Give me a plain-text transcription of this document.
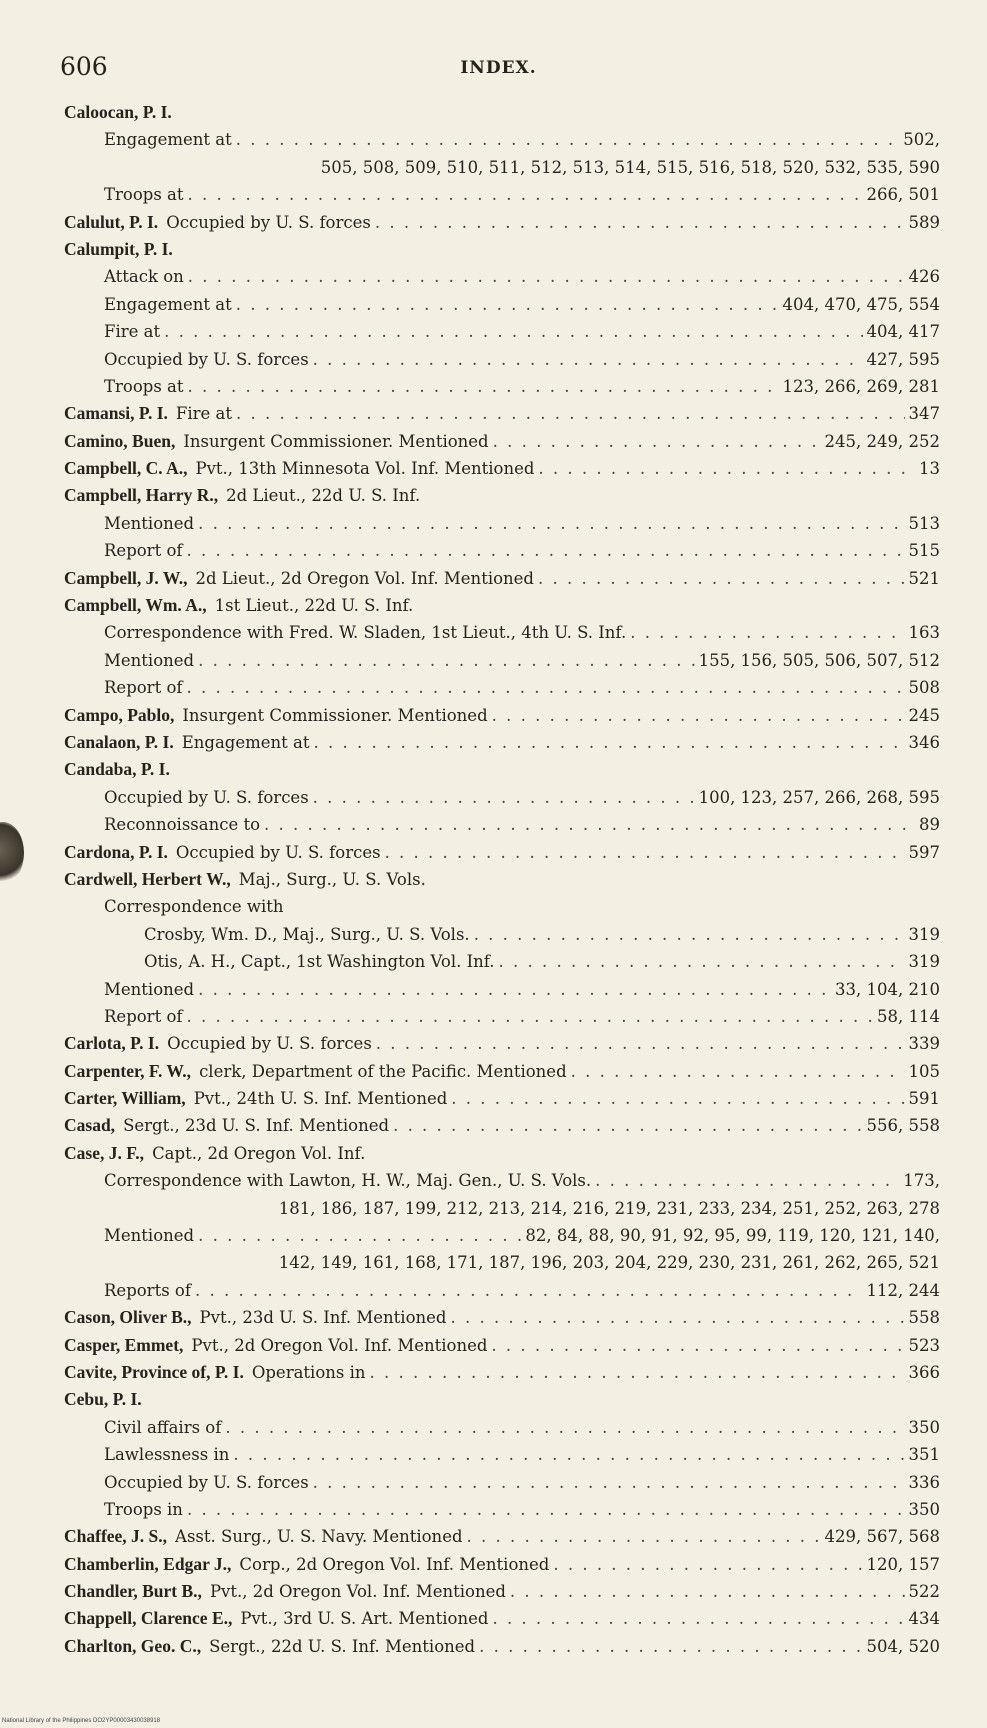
606	INDEX.
Caloocan, P. I.
Engagement at . . .	502,
505, 508, 509, 510, 511, 512, 513, 514, 515, 516, 518, 520, 532, 535, 590
Troops at . . .	266, 501
Calulut, P. I. Occupied by U. S. forces . . .	589
Calumpit, P. I.
Attack on . . .	426
Engagement at . . .	404, 470, 475, 554
Fire at . . .	404, 417
Occupied by U. S. forces . . .	427, 595
Troops at . . .	123, 266, 269, 281
Camansi, P. I. Fire at . . .	347
Camino, Buen, Insurgent Commissioner. Mentioned . . .	245, 249, 252
Campbell, C. A., Pvt., 13th Minnesota Vol. Inf. Mentioned . . .	13
Campbell, Harry R., 2d Lieut., 22d U. S. Inf.
Mentioned . . .	513
Report of . . .	515
Campbell, J. W., 2d Lieut., 2d Oregon Vol. Inf. Mentioned . . .	521
Campbell, Wm. A., 1st Lieut., 22d U. S. Inf.
Correspondence with Fred. W. Sladen, 1st Lieut., 4th U. S. Inf. . . .	163
Mentioned . . .	155, 156, 505, 506, 507, 512
Report of . . .	508
Campo, Pablo, Insurgent Commissioner. Mentioned . . .	245
Canalaon, P. I. Engagement at . . .	346
Candaba, P. I.
Occupied by U. S. forces . . .	100, 123, 257, 266, 268, 595
Reconnoissance to . . .	89
Cardona, P. I. Occupied by U. S. forces . . .	597
Cardwell, Herbert W., Maj., Surg., U. S. Vols.
Correspondence with
Crosby, Wm. D., Maj., Surg., U. S. Vols. . . .	319
Otis, A. H., Capt., 1st Washington Vol. Inf. . . .	319
Mentioned . . .	33, 104, 210
Report of . . .	58, 114
Carlota, P. I. Occupied by U. S. forces . . .	339
Carpenter, F. W., clerk, Department of the Pacific. Mentioned . . .	105
Carter, William, Pvt., 24th U. S. Inf. Mentioned . . .	591
Casad, Sergt., 23d U. S. Inf. Mentioned . . .	556, 558
Case, J. F., Capt., 2d Oregon Vol. Inf.
Correspondence with Lawton, H. W., Maj. Gen., U. S. Vols. . . .	173,
181, 186, 187, 199, 212, 213, 214, 216, 219, 231, 233, 234, 251, 252, 263, 278
Mentioned . . .	82, 84, 88, 90, 91, 92, 95, 99, 119, 120, 121, 140,
142, 149, 161, 168, 171, 187, 196, 203, 204, 229, 230, 231, 261, 262, 265, 521
Reports of . . .	112, 244
Cason, Oliver B., Pvt., 23d U. S. Inf. Mentioned . . .	558
Casper, Emmet, Pvt., 2d Oregon Vol. Inf. Mentioned . . .	523
Cavite, Province of, P. I. Operations in . . .	366
Cebu, P. I.
Civil affairs of . . .	350
Lawlessness in . . .	351
Occupied by U. S. forces . . .	336
Troops in . . .	350
Chaffee, J. S., Asst. Surg., U. S. Navy. Mentioned . . .	429, 567, 568
Chamberlin, Edgar J., Corp., 2d Oregon Vol. Inf. Mentioned . . .	120, 157
Chandler, Burt B., Pvt., 2d Oregon Vol. Inf. Mentioned . . .	522
Chappell, Clarence E., Pvt., 3rd U. S. Art. Mentioned . . .	434
Charlton, Geo. C., Sergt., 22d U. S. Inf. Mentioned . . .	504, 520
National Library of the Philippines DO2YP00003430038918
